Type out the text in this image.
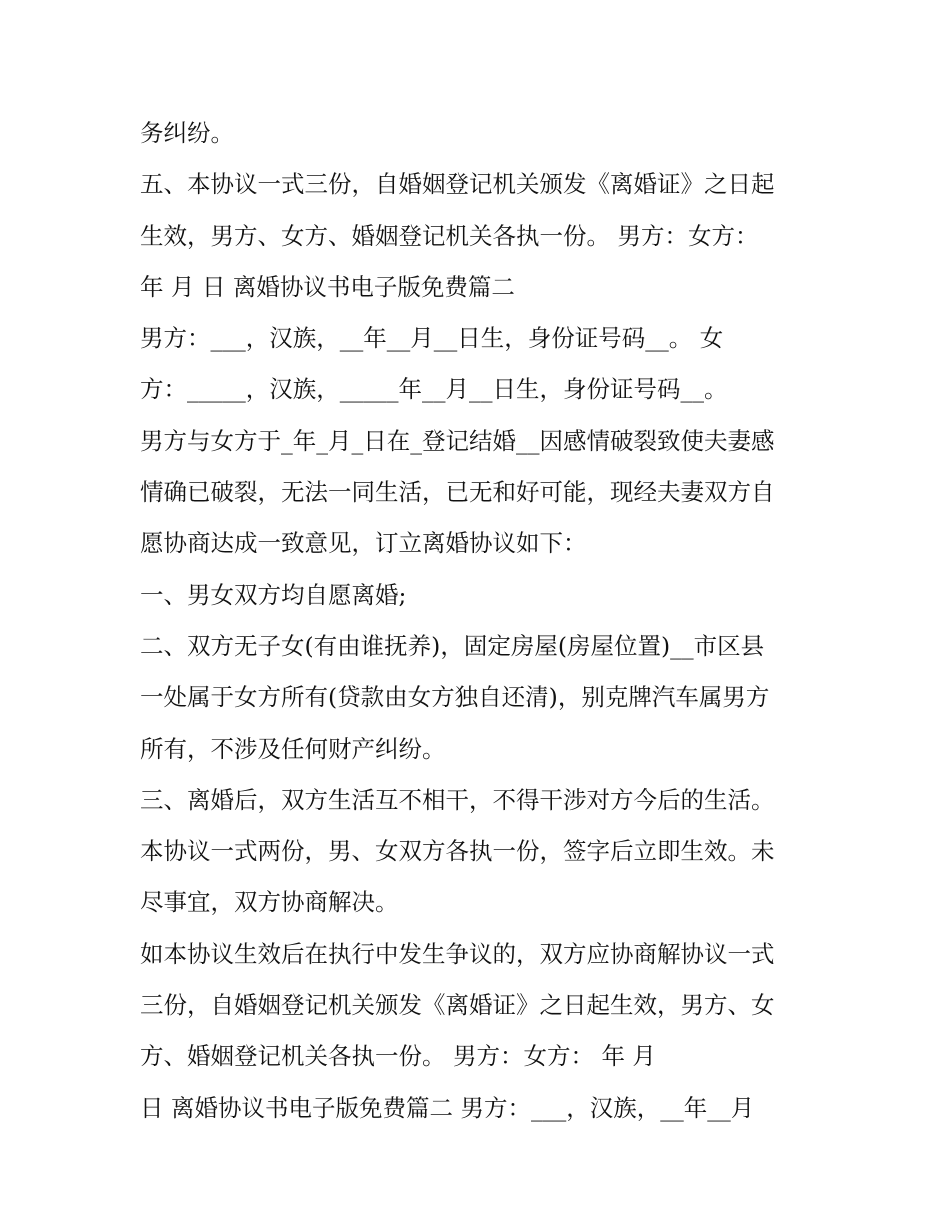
务纠纷。
五、本协议一式三份，自婚姻登记机关颁发《离婚证》之日起
生效，男方、女方、婚姻登记机关各执一份。 男方：女方：
年 月 日 离婚协议书电子版免费篇二
男方：___，汉族，__年__月__日生，身份证号码__。 女
方：_____，汉族，_____年__月__日生，身份证号码__。
男方与女方于_年_月_日在_登记结婚__因感情破裂致使夫妻感
情确已破裂，无法一同生活，已无和好可能，现经夫妻双方自
愿协商达成一致意见，订立离婚协议如下：
一、男女双方均自愿离婚;
二、双方无子女(有由谁抚养)，固定房屋(房屋位置)__市区县
一处属于女方所有(贷款由女方独自还清)，别克牌汽车属男方
所有，不涉及任何财产纠纷。
三、离婚后，双方生活互不相干，不得干涉对方今后的生活。
本协议一式两份，男、女双方各执一份，签字后立即生效。未
尽事宜，双方协商解决。
如本协议生效后在执行中发生争议的，双方应协商解协议一式
三份，自婚姻登记机关颁发《离婚证》之日起生效，男方、女
方、婚姻登记机关各执一份。 男方：女方： 年 月
日 离婚协议书电子版免费篇二 男方：___，汉族，__年__月
